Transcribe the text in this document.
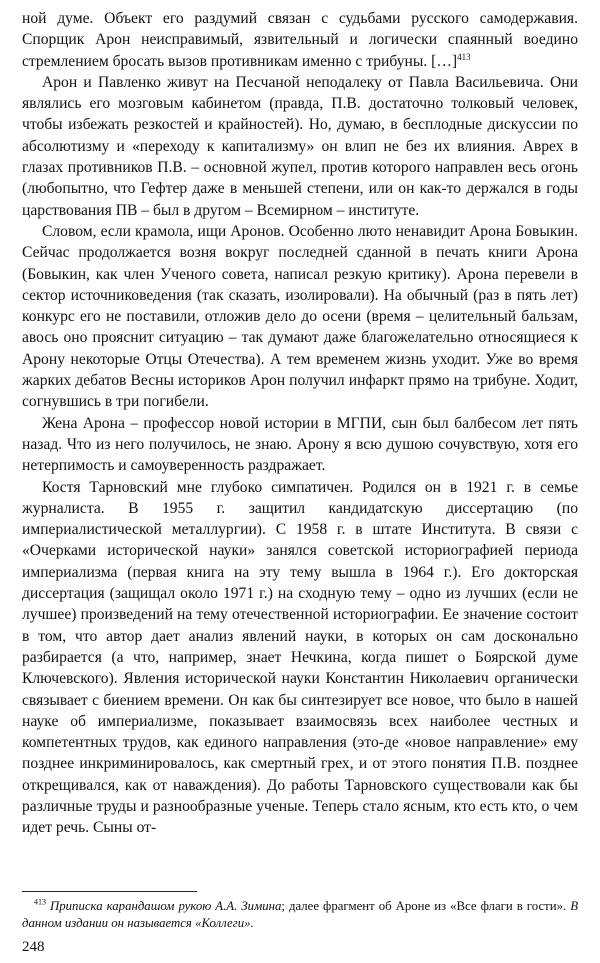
ной думе. Объект его раздумий связан с судьбами русского самодержавия. Спорщик Арон неисправимый, язвительный и логически спаянный воедино стремлением бросать вызов противникам именно с трибуны. […]$^{413}$

Арон и Павленко живут на Песчаной неподалеку от Павла Васильевича. Они являлись его мозговым кабинетом (правда, П.В. достаточно толковый человек, чтобы избежать резкостей и крайностей). Но, думаю, в бесплодные дискуссии по абсолютизму и «переходу к капитализму» он влип не без их влияния. Аврех в глазах противников П.В. – основной жупел, против которого направлен весь огонь (любопытно, что Гефтер даже в меньшей степени, или он как-то держался в годы царствования ПВ – был в другом – Всемирном – институте.

Словом, если крамола, ищи Аронов. Особенно люто ненавидит Арона Бовыкин. Сейчас продолжается возня вокруг последней сданной в печать книги Арона (Бовыкин, как член Ученого совета, написал резкую критику). Арона перевели в сектор источниковедения (так сказать, изолировали). На обычный (раз в пять лет) конкурс его не поставили, отложив дело до осени (время – целительный бальзам, авось оно прояснит ситуацию – так думают даже благожелательно относящиеся к Арону некоторые Отцы Отечества). А тем временем жизнь уходит. Уже во время жарких дебатов Весны историков Арон получил инфаркт прямо на трибуне. Ходит, согнувшись в три погибели.

Жена Арона – профессор новой истории в МГПИ, сын был балбесом лет пять назад. Что из него получилось, не знаю. Арону я всю душою сочувствую, хотя его нетерпимость и самоуверенность раздражает.

Костя Тарновский мне глубоко симпатичен. Родился он в 1921 г. в семье журналиста. В 1955 г. защитил кандидатскую диссертацию (по империалистической металлургии). С 1958 г. в штате Института. В связи с «Очерками исторической науки» занялся советской историографией периода империализма (первая книга на эту тему вышла в 1964 г.). Его докторская диссертация (защищал около 1971 г.) на сходную тему – одно из лучших (если не лучшее) произведений на тему отечественной историографии. Ее значение состоит в том, что автор дает анализ явлений науки, в которых он сам досконально разбирается (а что, например, знает Нечкина, когда пишет о Боярской думе Ключевского). Явления исторической науки Константин Николаевич органически связывает с биением времени. Он как бы синтезирует все новое, что было в нашей науке об империализме, показывает взаимосвязь всех наиболее честных и компетентных трудов, как единого направления (это-де «новое направление» ему позднее инкриминировалось, как смертный грех, и от этого понятия П.В. позднее открещивался, как от наваждения). До работы Тарновского существовали как бы различные труды и разнообразные ученые. Теперь стало ясным, кто есть кто, о чем идет речь. Сыны от-

$^{413}$ Приписка карандашом рукою А.А. Зимина; далее фрагмент об Ароне из «Все флаги в гости». В данном издании он называется «Коллеги».
248
